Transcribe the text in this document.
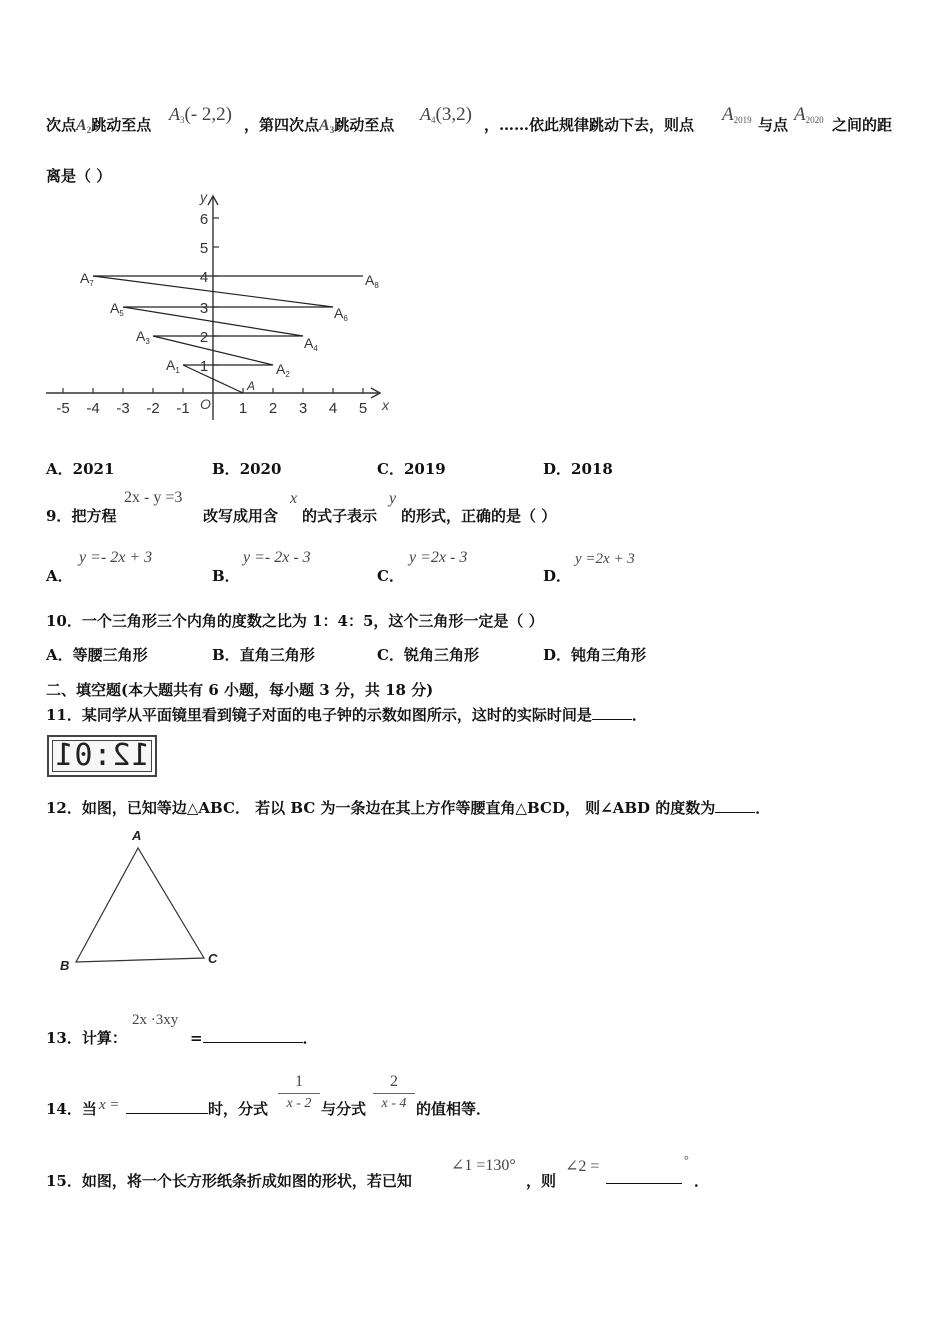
次点$A_2$跳动至点
$A_3(-$ 2,2) ，第四次点$A_3$跳动至点
$A_4(3,2)$ ，……依此规律跳动下去，则点 $A_{2019}$ 与点 $A_{2020}$ 之间的距
离是（ ）
-5 -4 -3 -2 -1	1 2 3 4 5
1
2
3
4
5
6
x
y
O
A
$A_1$	$A_2$
$A_3$	$A_4$
$A_5$	$A_6$
$A_7$	$A_8$
A．2021	B．2020	C．2019	D．2018
9．把方程
2x - y =3
改写成用含
x
的式子表示
y
的形式，正确的是（ ）
A．
y =- 2x + 3
B．
y =- 2x - 3
C．
y =2x - 3
D．
y =2x + 3
10．一个三角形三个内角的度数之比为 1：4：5，这个三角形一定是（ ）
A．等腰三角形	B．直角三角形	C．锐角三角形	D．钝角三角形
二、填空题(本大题共有 6 小题，每小题 3 分，共 18 分)
11．某同学从平面镜里看到镜子对面的电子钟的示数如图所示，这时的实际时间是	．
12:01
12．如图，已知等边△ABC． 若以 BC 为一条边在其上方作等腰直角△BCD， 则∠ABD 的度数为	．
A
B	C
13．计算：
2x ·3xy
=	．
14．当 x =	时，分式
1
x - 2 与分式
2
x - 4 的值相等．
15．如图，将一个长方形纸条折成如图的形状，若已知
∠1 =130°
，则
∠2 =	°
．
